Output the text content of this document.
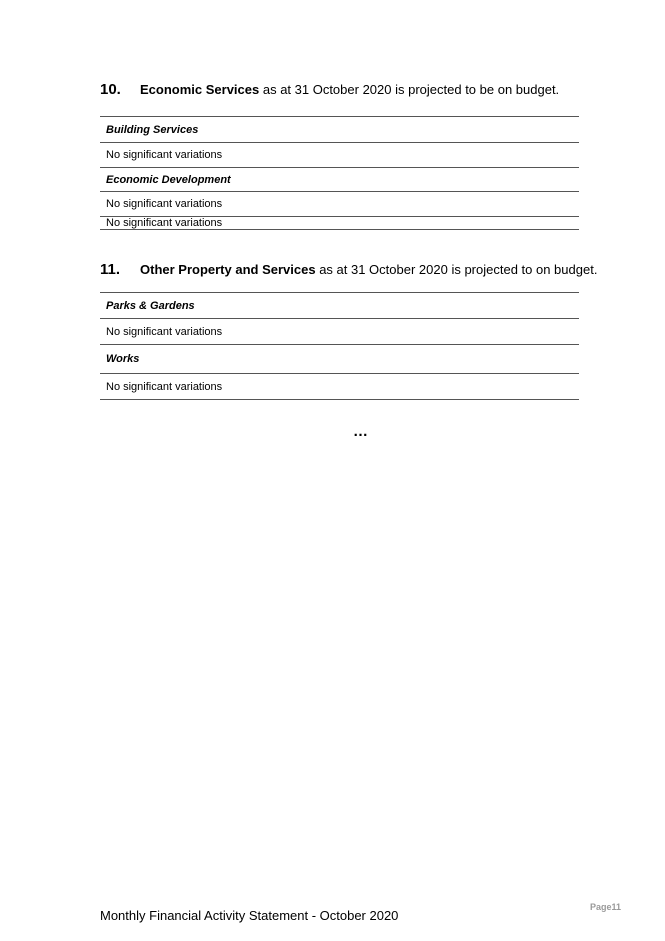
10. Economic Services as at 31 October 2020 is projected to be on budget.
Building Services
No significant variations
Economic Development
No significant variations
No significant variations
11. Other Property and Services as at 31 October 2020 is projected to on budget.
Parks & Gardens
No significant variations
Works
No significant variations
…
Monthly Financial Activity Statement - October 2020
Page11
